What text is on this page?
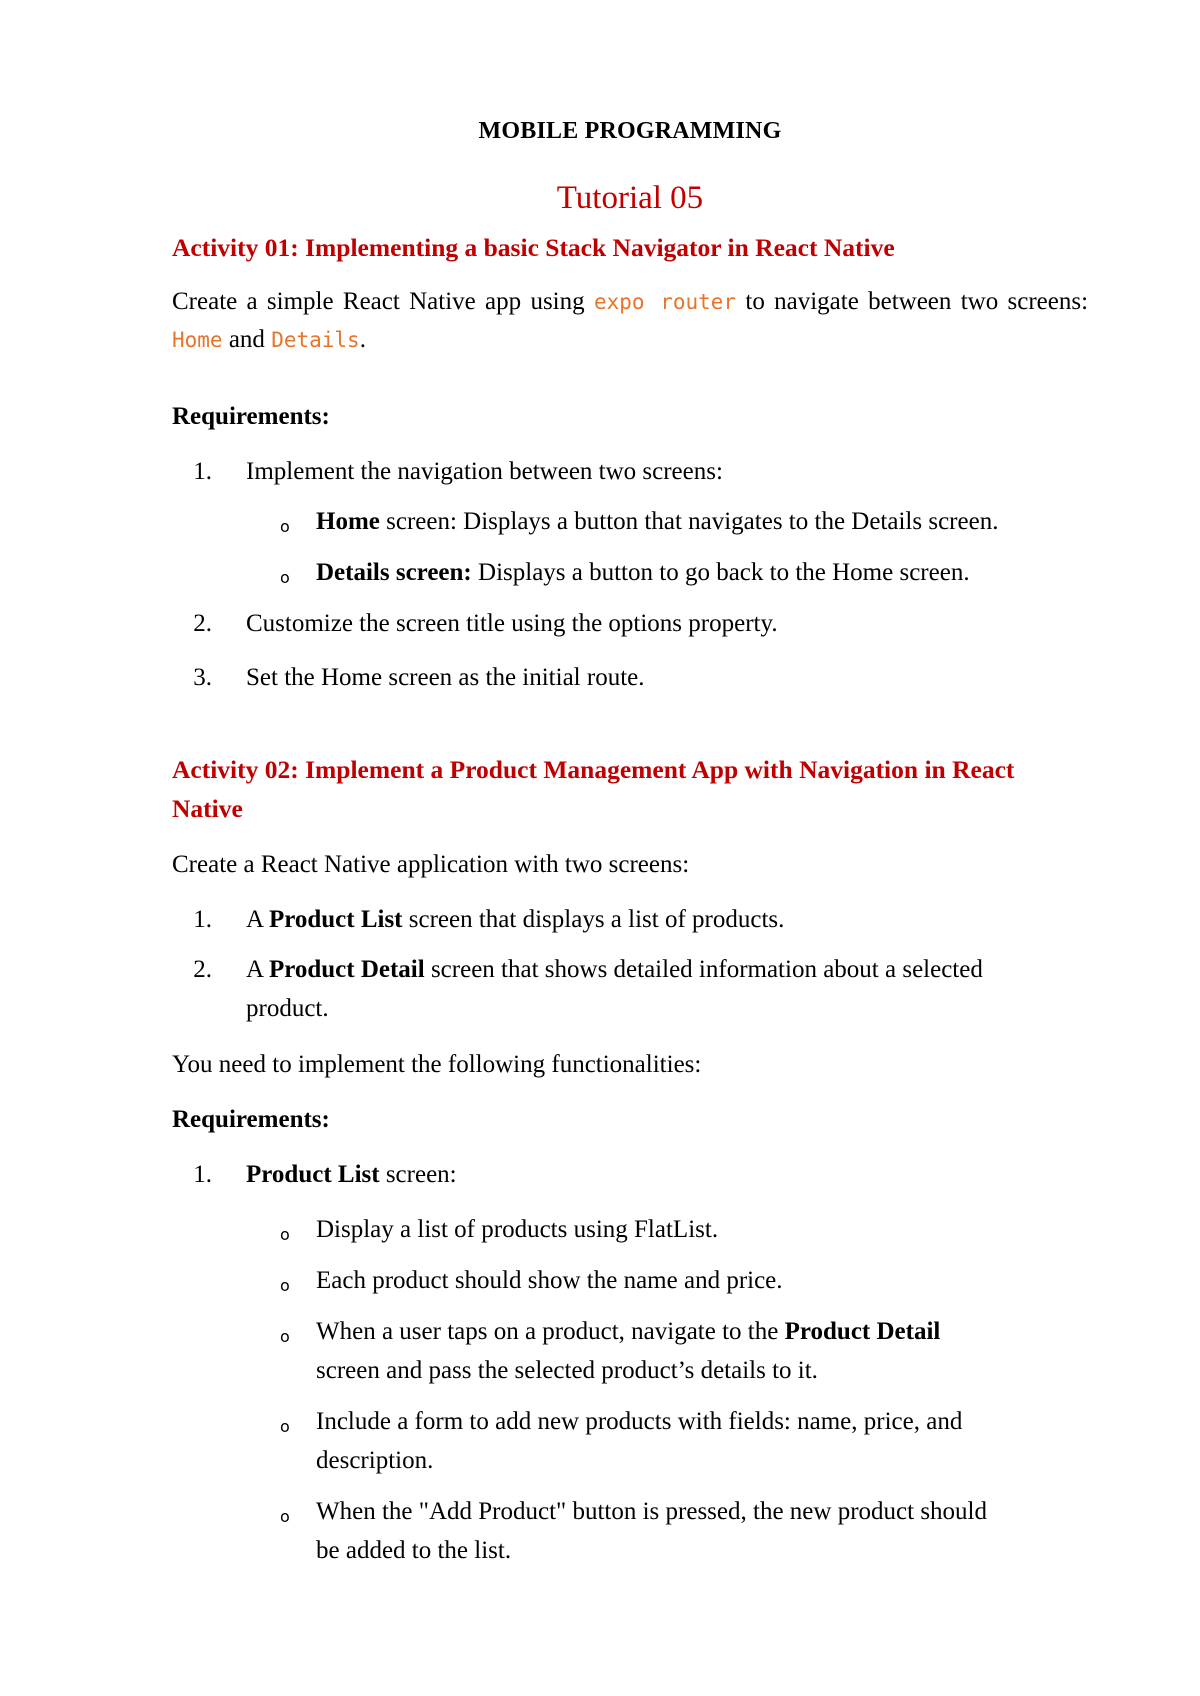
MOBILE PROGRAMMING
Tutorial 05
Activity 01: Implementing a basic Stack Navigator in React Native
Create a simple React Native app using expo router to navigate between two screens: Home and Details.
Requirements:
1. Implement the navigation between two screens:
o Home screen: Displays a button that navigates to the Details screen.
o Details screen: Displays a button to go back to the Home screen.
2. Customize the screen title using the options property.
3. Set the Home screen as the initial route.
Activity 02: Implement a Product Management App with Navigation in React Native
Create a React Native application with two screens:
1. A Product List screen that displays a list of products.
2. A Product Detail screen that shows detailed information about a selected
product.
You need to implement the following functionalities:
Requirements:
1. Product List screen:
o Display a list of products using FlatList.
o Each product should show the name and price.
o When a user taps on a product, navigate to the Product Detail
screen and pass the selected product’s details to it.
o Include a form to add new products with fields: name, price, and
description.
o When the "Add Product" button is pressed, the new product should
be added to the list.
